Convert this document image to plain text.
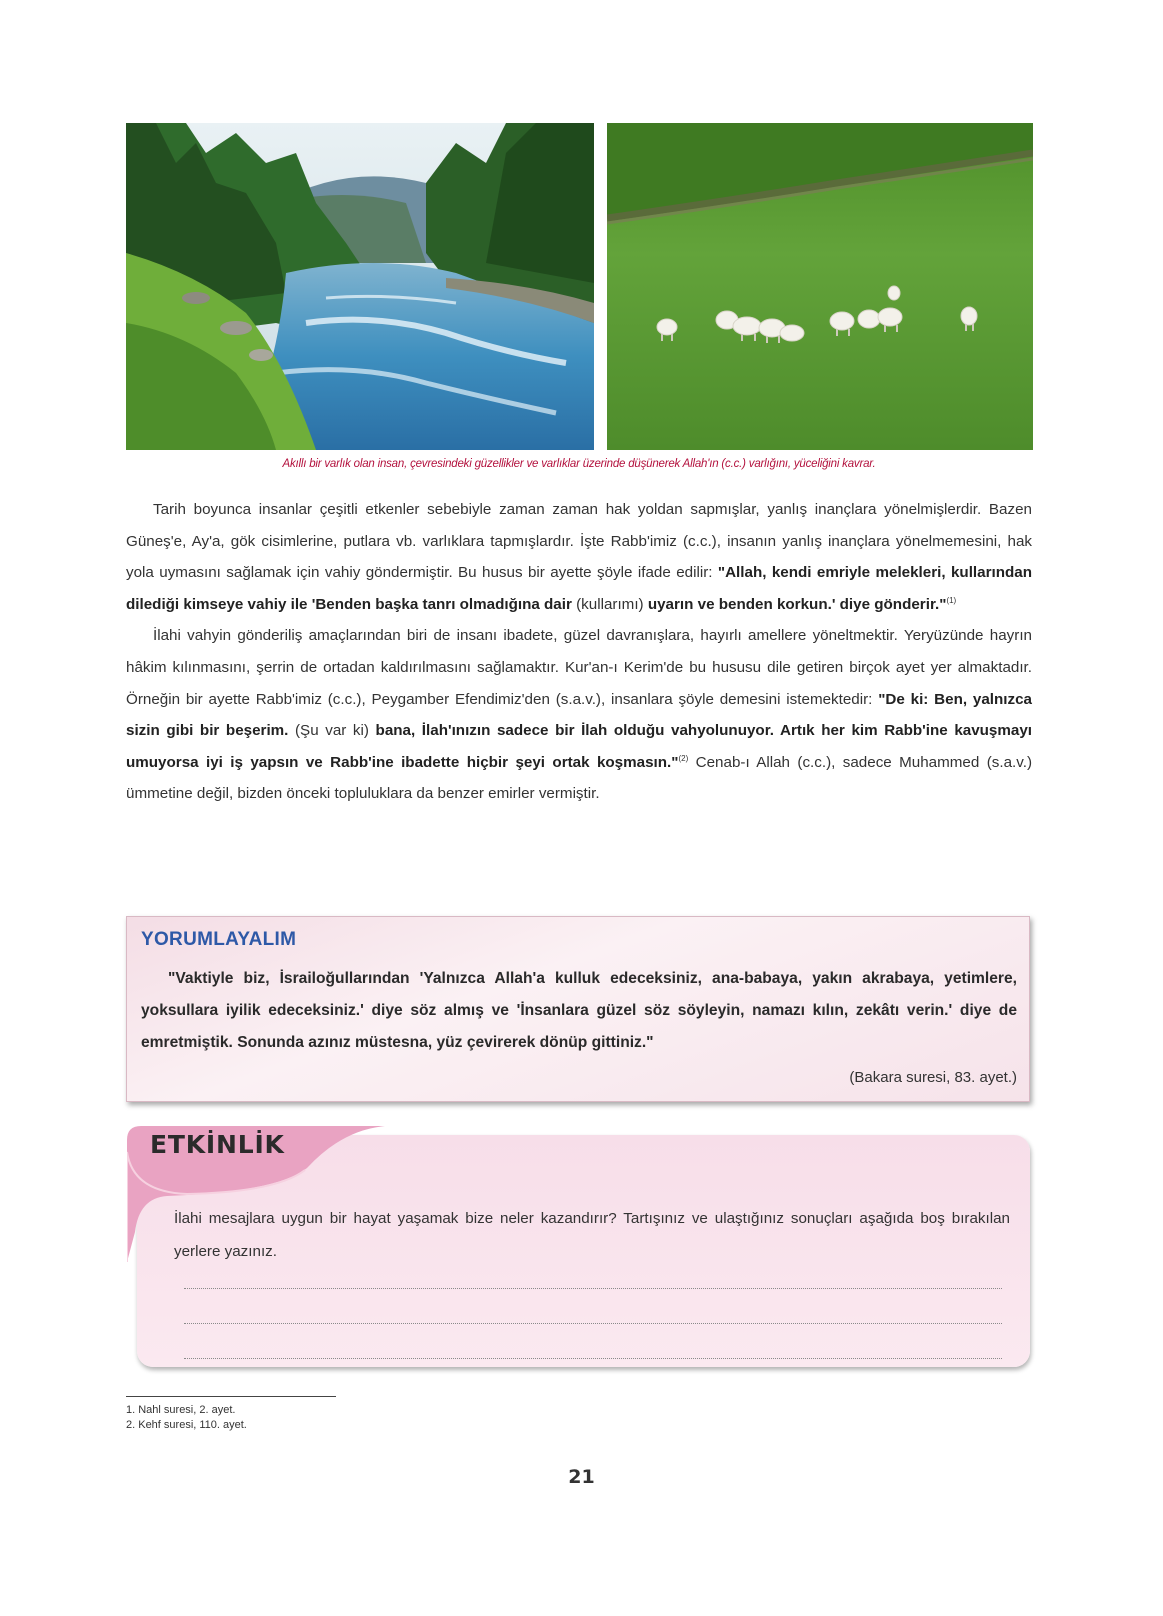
Akıllı bir varlık olan insan, çevresindeki güzellikler ve varlıklar üzerinde düşünerek Allah'ın (c.c.) varlığını, yüceliğini kavrar.

Tarih boyunca insanlar çeşitli etkenler sebebiyle zaman zaman hak yoldan sapmışlar, yanlış inançlara yönelmişlerdir. Bazen Güneş'e, Ay'a, gök cisimlerine, putlara vb. varlıklara tapmışlardır. İşte Rabb'imiz (c.c.), insanın yanlış inançlara yönelmemesini, hak yola uymasını sağlamak için vahiy göndermiştir. Bu husus bir ayette şöyle ifade edilir: "Allah, kendi emriyle melekleri, kullarından dilediği kimseye vahiy ile 'Benden başka tanrı olmadığına dair (kullarımı) uyarın ve benden korkun.' diye gönderir."$^{(1)}$

İlahi vahyin gönderiliş amaçlarından biri de insanı ibadete, güzel davranışlara, hayırlı amellere yöneltmektir. Yeryüzünde hayrın hâkim kılınmasını, şerrin de ortadan kaldırılmasını sağlamaktır. Kur'an-ı Kerim'de bu hususu dile getiren birçok ayet yer almaktadır. Örneğin bir ayette Rabb'imiz (c.c.), Peygamber Efendimiz'den (s.a.v.), insanlara şöyle demesini istemektedir: "De ki: Ben, yalnızca sizin gibi bir beşerim. (Şu var ki) bana, İlah'ınızın sadece bir İlah olduğu vahyolunuyor. Artık her kim Rabb'ine kavuşmayı umuyorsa iyi iş yapsın ve Rabb'ine ibadette hiçbir şeyi ortak koşmasın."$^{(2)}$ Cenab-ı Allah (c.c.), sadece Muhammed (s.a.v.) ümmetine değil, bizden önceki topluluklara da benzer emirler vermiştir.

YORUMLAYALIM
"Vaktiyle biz, İsrailoğullarından 'Yalnızca Allah'a kulluk edeceksiniz, ana-babaya, yakın akrabaya, yetimlere, yoksullara iyilik edeceksiniz.' diye söz almış ve 'İnsanlara güzel söz söyleyin, namazı kılın, zekâtı verin.' diye de emretmiştik. Sonunda azınız müstesna, yüz çevirerek dönüp gittiniz."
(Bakara suresi, 83. ayet.)
ETKİNLİK
İlahi mesajlara uygun bir hayat yaşamak bize neler kazandırır? Tartışınız ve ulaştığınız sonuçları aşağıda boş bırakılan yerlere yazınız.
1. Nahl suresi, 2. ayet.
2. Kehf suresi, 110. ayet.
21
